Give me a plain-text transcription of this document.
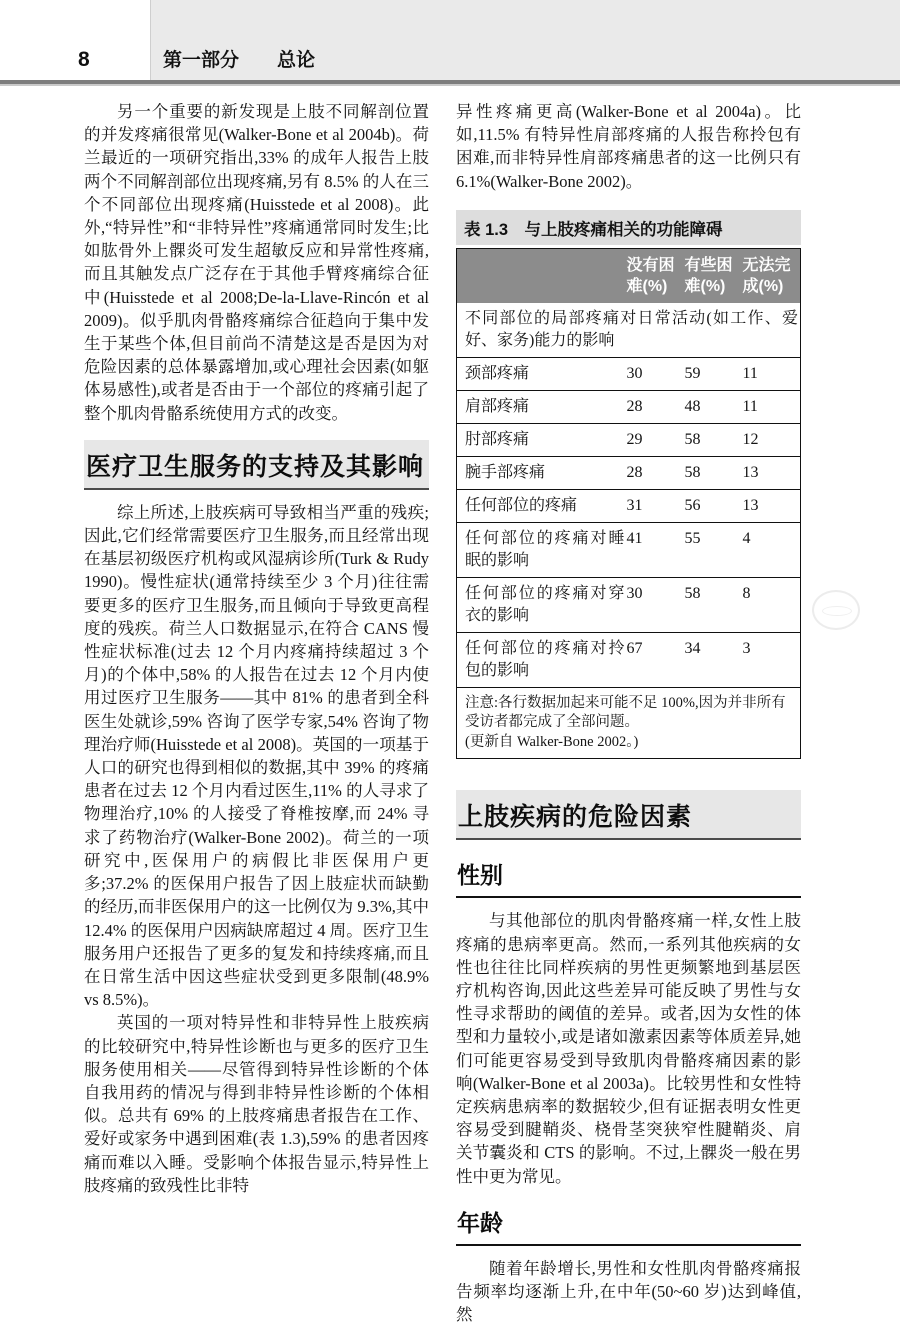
8	第一部分 总论

另一个重要的新发现是上肢不同解剖位置的并发疼痛很常见(Walker-Bone et al 2004b)。荷兰最近的一项研究指出,33% 的成年人报告上肢两个不同解剖部位出现疼痛,另有 8.5% 的人在三个不同部位出现疼痛(Huisstede et al 2008)。此外,“特异性”和“非特异性”疼痛通常同时发生;比如肱骨外上髁炎可发生超敏反应和异常性疼痛,而且其触发点广泛存在于其他手臂疼痛综合征中(Huisstede et al 2008;De-la-Llave-Rincón et al 2009)。似乎肌肉骨骼疼痛综合征趋向于集中发生于某些个体,但目前尚不清楚这是否是因为对危险因素的总体暴露增加,或心理社会因素(如躯体易感性),或者是否由于一个部位的疼痛引起了整个肌肉骨骼系统使用方式的改变。

医疗卫生服务的支持及其影响

综上所述,上肢疾病可导致相当严重的残疾;因此,它们经常需要医疗卫生服务,而且经常出现在基层初级医疗机构或风湿病诊所(Turk & Rudy 1990)。慢性症状(通常持续至少 3 个月)往往需要更多的医疗卫生服务,而且倾向于导致更高程度的残疾。荷兰人口数据显示,在符合 CANS 慢性症状标准(过去 12 个月内疼痛持续超过 3 个月)的个体中,58% 的人报告在过去 12 个月内使用过医疗卫生服务——其中 81% 的患者到全科医生处就诊,59% 咨询了医学专家,54% 咨询了物理治疗师(Huisstede et al 2008)。英国的一项基于人口的研究也得到相似的数据,其中 39% 的疼痛患者在过去 12 个月内看过医生,11% 的人寻求了物理治疗,10% 的人接受了脊椎按摩,而 24% 寻求了药物治疗(Walker-Bone 2002)。荷兰的一项研究中,医保用户的病假比非医保用户更多;37.2% 的医保用户报告了因上肢症状而缺勤的经历,而非医保用户的这一比例仅为 9.3%,其中 12.4% 的医保用户因病缺席超过 4 周。医疗卫生服务用户还报告了更多的复发和持续疼痛,而且在日常生活中因这些症状受到更多限制(48.9% vs 8.5%)。

英国的一项对特异性和非特异性上肢疾病的比较研究中,特异性诊断也与更多的医疗卫生服务使用相关——尽管得到特异性诊断的个体自我用药的情况与得到非特异性诊断的个体相似。总共有 69% 的上肢疼痛患者报告在工作、爱好或家务中遇到困难(表 1.3),59% 的患者因疼痛而难以入睡。受影响个体报告显示,特异性上肢疼痛的致残性比非特

异性疼痛更高(Walker-Bone et al 2004a)。比如,11.5% 有特异性肩部疼痛的人报告称拎包有困难,而非特异性肩部疼痛患者的这一比例只有 6.1%(Walker-Bone 2002)。

表 1.3　与上肢疼痛相关的功能障碍
	没有困难(%)	有些困难(%)	无法完成(%)
不同部位的局部疼痛对日常活动(如工作、爱好、家务)能力的影响			
颈部疼痛	30	59	11
肩部疼痛	28	48	11
肘部疼痛	29	58	12
腕手部疼痛	28	58	13
任何部位的疼痛	31	56	13
任何部位的疼痛对睡眠的影响	41	55	4
任何部位的疼痛对穿衣的影响	30	58	8
任何部位的疼痛对拎包的影响	67	34	3

注意:各行数据加起来可能不足 100%,因为并非所有受访者都完成了全部问题。
(更新自 Walker-Bone 2002。)			
上肢疾病的危险因素
性别

与其他部位的肌肉骨骼疼痛一样,女性上肢疼痛的患病率更高。然而,一系列其他疾病的女性也往往比同样疾病的男性更频繁地到基层医疗机构咨询,因此这些差异可能反映了男性与女性寻求帮助的阈值的差异。或者,因为女性的体型和力量较小,或是诸如激素因素等体质差异,她们可能更容易受到导致肌肉骨骼疼痛因素的影响(Walker-Bone et al 2003a)。比较男性和女性特定疾病患病率的数据较少,但有证据表明女性更容易受到腱鞘炎、桡骨茎突狭窄性腱鞘炎、肩关节囊炎和 CTS 的影响。不过,上髁炎一般在男性中更为常见。

年龄

随着年龄增长,男性和女性肌肉骨骼疼痛报告频率均逐渐上升,在中年(50~60 岁)达到峰值,然
